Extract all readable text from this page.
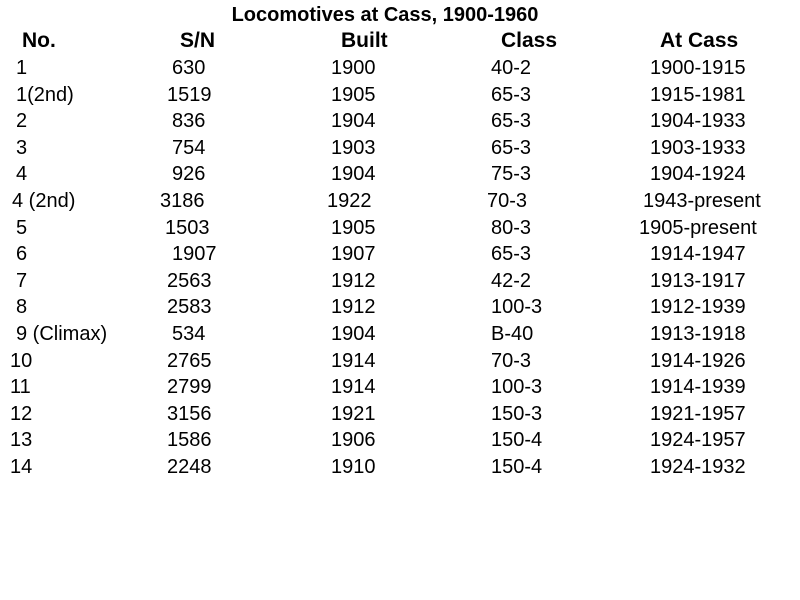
Locomotives at Cass, 1900-1960
No.	S/N	Built	Class	At Cass
1	630	1900	40-2	1900-1915
1(2nd)	1519	1905	65-3	1915-1981
2	836	1904	65-3	1904-1933
3	754	1903	65-3	1903-1933
4	926	1904	75-3	1904-1924
4 (2nd)	3186	1922	70-3	1943-present
5	1503	1905	80-3	1905-present
6	1907	1907	65-3	1914-1947
7	2563	1912	42-2	1913-1917
8	2583	1912	100-3	1912-1939
9 (Climax)	534	1904	B-40	1913-1918
10	2765	1914	70-3	1914-1926
11	2799	1914	100-3	1914-1939
12	3156	1921	150-3	1921-1957
13	1586	1906	150-4	1924-1957
14	2248	1910	150-4	1924-1932
